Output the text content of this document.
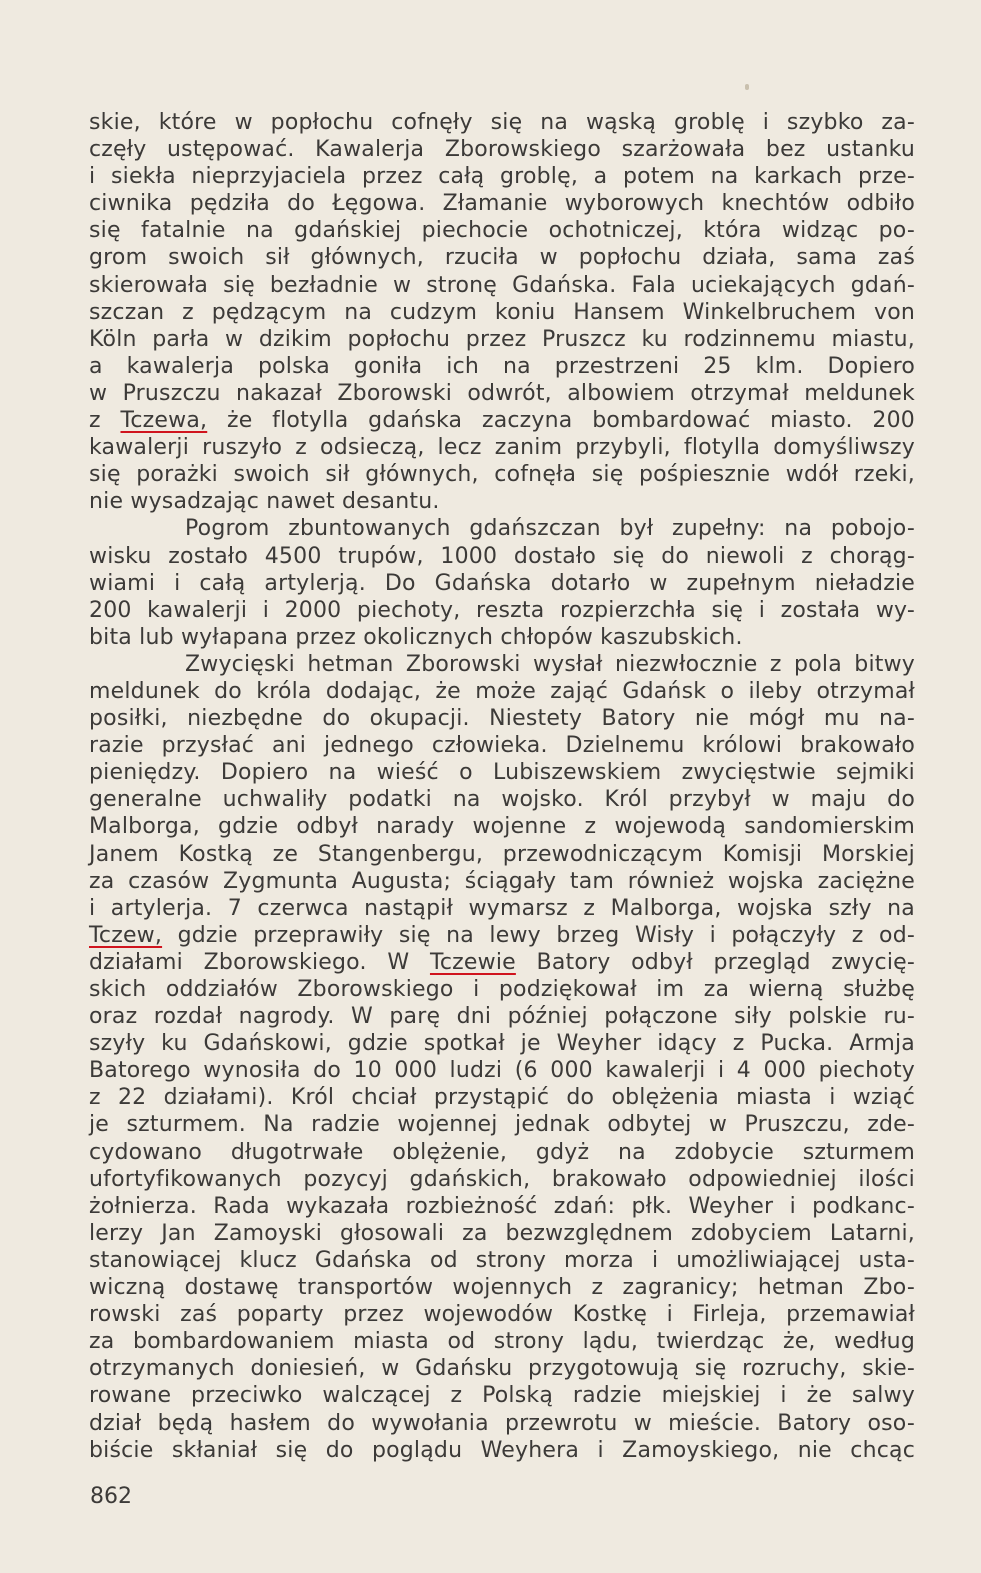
skie, które w popłochu cofnęły się na wąską groblę i szybko za-
częły ustępować. Kawalerja Zborowskiego szarżowała bez ustanku
i siekła nieprzyjaciela przez całą groblę, a potem na karkach prze-
ciwnika pędziła do Łęgowa. Złamanie wyborowych knechtów odbiło
się fatalnie na gdańskiej piechocie ochotniczej, która widząc po-
grom swoich sił głównych, rzuciła w popłochu działa, sama zaś
skierowała się bezładnie w stronę Gdańska. Fala uciekających gdań-
szczan z pędzącym na cudzym koniu Hansem Winkelbruchem von
Köln parła w dzikim popłochu przez Pruszcz ku rodzinnemu miastu,
a kawalerja polska goniła ich na przestrzeni 25 klm. Dopiero
w Pruszczu nakazał Zborowski odwrót, albowiem otrzymał meldunek
z Tczewa, że flotylla gdańska zaczyna bombardować miasto. 200
kawalerji ruszyło z odsieczą, lecz zanim przybyli, flotylla domyśliwszy
się porażki swoich sił głównych, cofnęła się pośpiesznie wdół rzeki,
nie wysadzając nawet desantu.
Pogrom zbuntowanych gdańszczan był zupełny: na pobojo-
wisku zostało 4500 trupów, 1000 dostało się do niewoli z chorąg-
wiami i całą artylerją. Do Gdańska dotarło w zupełnym nieładzie
200 kawalerji i 2000 piechoty, reszta rozpierzchła się i została wy-
bita lub wyłapana przez okolicznych chłopów kaszubskich.
Zwycięski hetman Zborowski wysłał niezwłocznie z pola bitwy
meldunek do króla dodając, że może zająć Gdańsk o ileby otrzymał
posiłki, niezbędne do okupacji. Niestety Batory nie mógł mu na-
razie przysłać ani jednego człowieka. Dzielnemu królowi brakowało
pieniędzy. Dopiero na wieść o Lubiszewskiem zwycięstwie sejmiki
generalne uchwaliły podatki na wojsko. Król przybył w maju do
Malborga, gdzie odbył narady wojenne z wojewodą sandomierskim
Janem Kostką ze Stangenbergu, przewodniczącym Komisji Morskiej
za czasów Zygmunta Augusta; ściągały tam również wojska zaciężne
i artylerja. 7 czerwca nastąpił wymarsz z Malborga, wojska szły na
Tczew, gdzie przeprawiły się na lewy brzeg Wisły i połączyły z od-
działami Zborowskiego. W Tczewie Batory odbył przegląd zwycię-
skich oddziałów Zborowskiego i podziękował im za wierną służbę
oraz rozdał nagrody. W parę dni później połączone siły polskie ru-
szyły ku Gdańskowi, gdzie spotkał je Weyher idący z Pucka. Armja
Batorego wynosiła do 10 000 ludzi (6 000 kawalerji i 4 000 piechoty
z 22 działami). Król chciał przystąpić do oblężenia miasta i wziąć
je szturmem. Na radzie wojennej jednak odbytej w Pruszczu, zde-
cydowano długotrwałe oblężenie, gdyż na zdobycie szturmem
ufortyfikowanych pozycyj gdańskich, brakowało odpowiedniej ilości
żołnierza. Rada wykazała rozbieżność zdań: płk. Weyher i podkanc-
lerzy Jan Zamoyski głosowali za bezwzględnem zdobyciem Latarni,
stanowiącej klucz Gdańska od strony morza i umożliwiającej usta-
wiczną dostawę transportów wojennych z zagranicy; hetman Zbo-
rowski zaś poparty przez wojewodów Kostkę i Firleja, przemawiał
za bombardowaniem miasta od strony lądu, twierdząc że, według
otrzymanych doniesień, w Gdańsku przygotowują się rozruchy, skie-
rowane przeciwko walczącej z Polską radzie miejskiej i że salwy
dział będą hasłem do wywołania przewrotu w mieście. Batory oso-
biście skłaniał się do poglądu Weyhera i Zamoyskiego, nie chcąc
862
